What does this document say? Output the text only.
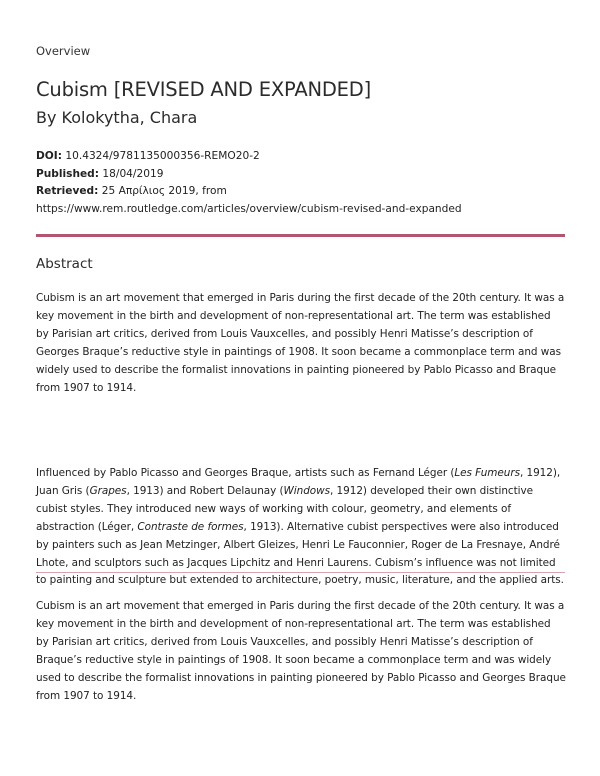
Overview
Cubism [REVISED AND EXPANDED]
By Kolokytha, Chara
DOI: 10.4324/9781135000356-REMO20-2
Published: 18/04/2019
Retrieved: 25 Απρίλιος 2019, from
https://www.rem.routledge.com/articles/overview/cubism-revised-and-expanded
Abstract

Cubism is an art movement that emerged in Paris during the first decade of the 20th century. It was a key movement in the birth and development of non-representational art. The term was established by Parisian art critics, derived from Louis Vauxcelles, and possibly Henri Matisse’s description of Georges Braque’s reductive style in paintings of 1908. It soon became a commonplace term and was widely used to describe the formalist innovations in painting pioneered by Pablo Picasso and Braque from 1907 to 1914.

Influenced by Pablo Picasso and Georges Braque, artists such as Fernand Léger (Les Fumeurs, 1912), Juan Gris (Grapes, 1913) and Robert Delaunay (Windows, 1912) developed their own distinctive cubist styles. They introduced new ways of working with colour, geometry, and elements of abstraction (Léger, Contraste de formes, 1913). Alternative cubist perspectives were also introduced by painters such as Jean Metzinger, Albert Gleizes, Henri Le Fauconnier, Roger de La Fresnaye, André Lhote, and sculptors such as Jacques Lipchitz and Henri Laurens. Cubism’s influence was not limited to painting and sculpture but extended to architecture, poetry, music, literature, and the applied arts.

Cubism is an art movement that emerged in Paris during the first decade of the 20th century. It was a key movement in the birth and development of non-representational art. The term was established by Parisian art critics, derived from Louis Vauxcelles, and possibly Henri Matisse’s description of Braque’s reductive style in paintings of 1908. It soon became a commonplace term and was widely used to describe the formalist innovations in painting pioneered by Pablo Picasso and Georges Braque from 1907 to 1914.
